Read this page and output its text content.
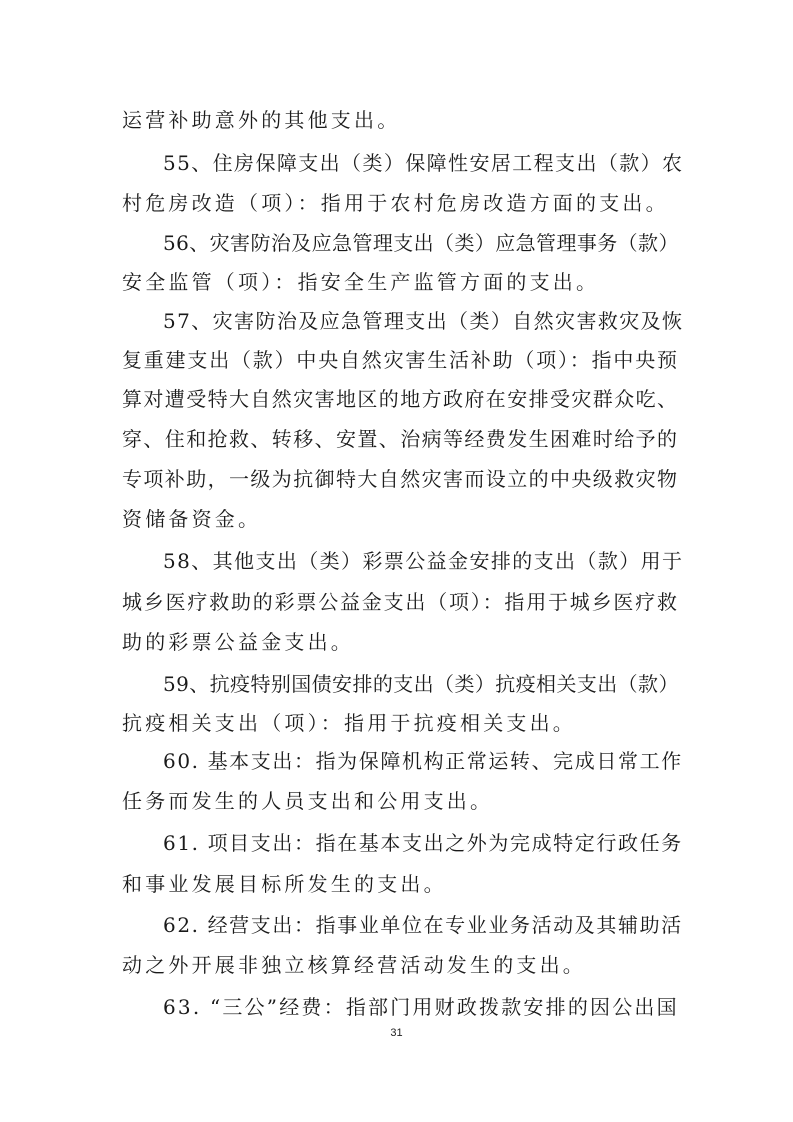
运营补助意外的其他支出。
55、住房保障支出（类）保障性安居工程支出（款）农
村危房改造（项）：指用于农村危房改造方面的支出。
56、灾害防治及应急管理支出（类）应急管理事务（款）
安全监管（项）：指安全生产监管方面的支出。
57、灾害防治及应急管理支出（类）自然灾害救灾及恢
复重建支出（款）中央自然灾害生活补助（项）：指中央预
算对遭受特大自然灾害地区的地方政府在安排受灾群众吃、
穿、住和抢救、转移、安置、治病等经费发生困难时给予的
专项补助，一级为抗御特大自然灾害而设立的中央级救灾物
资储备资金。
58、其他支出（类）彩票公益金安排的支出（款）用于
城乡医疗救助的彩票公益金支出（项）：指用于城乡医疗救
助的彩票公益金支出。
59、抗疫特别国债安排的支出（类）抗疫相关支出（款）
抗疫相关支出（项）：指用于抗疫相关支出。
60. 基本支出：指为保障机构正常运转、完成日常工作
任务而发生的人员支出和公用支出。
61. 项目支出：指在基本支出之外为完成特定行政任务
和事业发展目标所发生的支出。
62. 经营支出：指事业单位在专业业务活动及其辅助活
动之外开展非独立核算经营活动发生的支出。
63. “三公”经费：指部门用财政拨款安排的因公出国
31
